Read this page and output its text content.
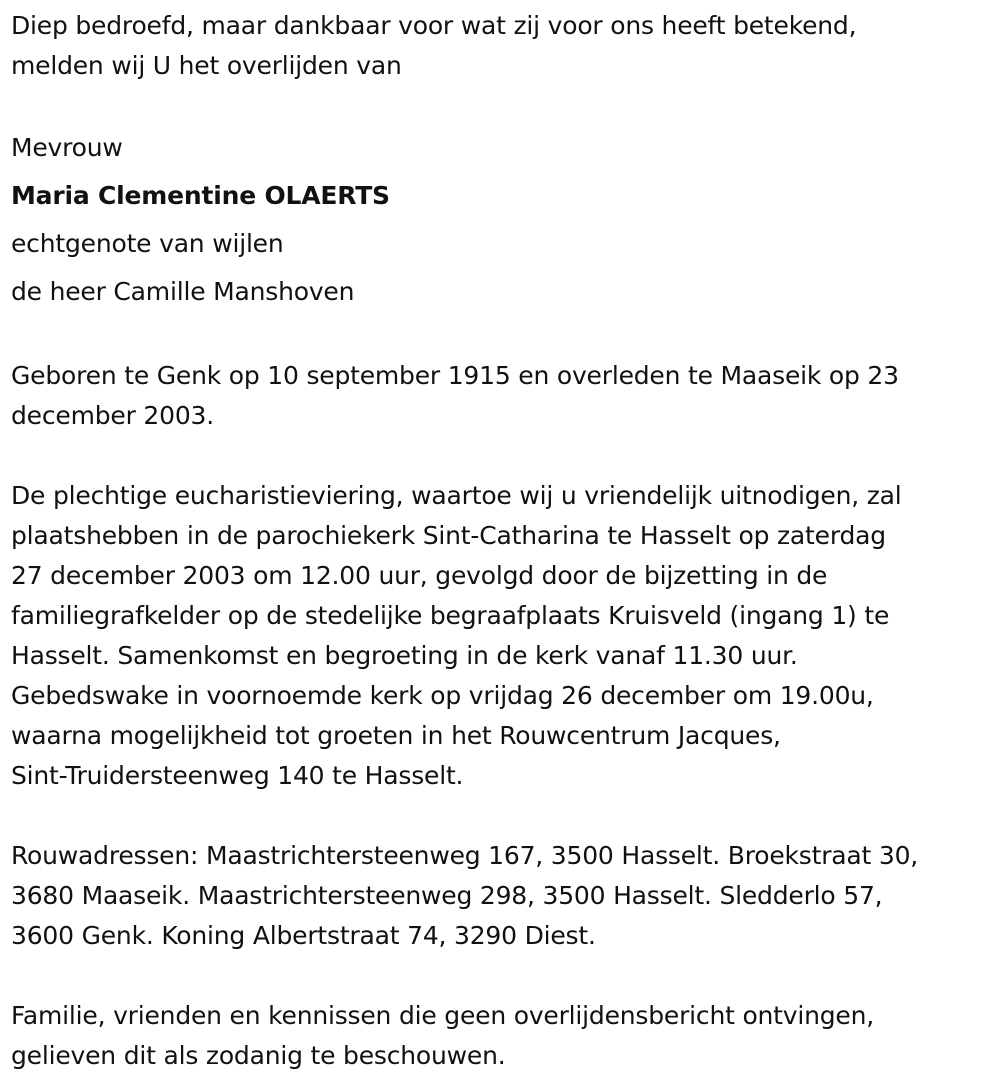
Diep bedroefd, maar dankbaar voor wat zij voor ons heeft betekend,
melden wij U het overlijden van
Mevrouw
Maria Clementine OLAERTS
echtgenote van wijlen
de heer Camille Manshoven
Geboren te Genk op 10 september 1915 en overleden te Maaseik op 23
december 2003.
De plechtige eucharistieviering, waartoe wij u vriendelijk uitnodigen, zal
plaatshebben in de parochiekerk Sint-Catharina te Hasselt op zaterdag
27 december 2003 om 12.00 uur, gevolgd door de bijzetting in de
familiegrafkelder op de stedelijke begraafplaats Kruisveld (ingang 1) te
Hasselt. Samenkomst en begroeting in de kerk vanaf 11.30 uur.
Gebedswake in voornoemde kerk op vrijdag 26 december om 19.00u,
waarna mogelijkheid tot groeten in het Rouwcentrum Jacques,
Sint-Truidersteenweg 140 te Hasselt.
Rouwadressen: Maastrichtersteenweg 167, 3500 Hasselt. Broekstraat 30,
3680 Maaseik. Maastrichtersteenweg 298, 3500 Hasselt. Sledderlo 57,
3600 Genk. Koning Albertstraat 74, 3290 Diest.
Familie, vrienden en kennissen die geen overlijdensbericht ontvingen,
gelieven dit als zodanig te beschouwen.
